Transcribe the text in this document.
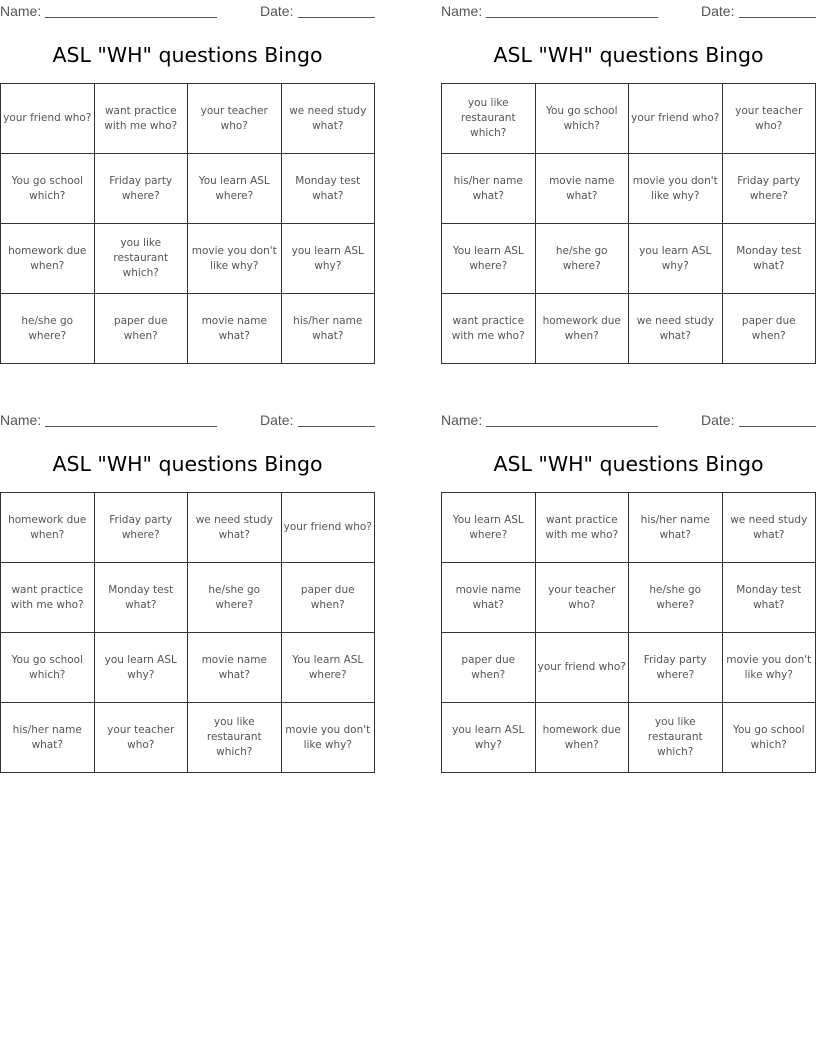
Name:	Date:
ASL "WH" questions Bingo
your friend who?	want practice with me who?	your teacher who?	we need study what?
You go school which?	Friday party where?	You learn ASL where?	Monday test what?
homework due when?	you like restaurant which?	movie you don't like why?	you learn ASL why?
he/she go where?	paper due when?	movie name what?	his/her name what?
Name:	Date:
ASL "WH" questions Bingo
you like restaurant which?	You go school which?	your friend who?	your teacher who?
his/her name what?	movie name what?	movie you don't like why?	Friday party where?
You learn ASL where?	he/she go where?	you learn ASL why?	Monday test what?
want practice with me who?	homework due when?	we need study what?	paper due when?
Name:	Date:
ASL "WH" questions Bingo
homework due when?	Friday party where?	we need study what?	your friend who?
want practice with me who?	Monday test what?	he/she go where?	paper due when?
You go school which?	you learn ASL why?	movie name what?	You learn ASL where?
his/her name what?	your teacher who?	you like restaurant which?	movie you don't like why?
Name:	Date:
ASL "WH" questions Bingo
You learn ASL where?	want practice with me who?	his/her name what?	we need study what?
movie name what?	your teacher who?	he/she go where?	Monday test what?
paper due when?	your friend who?	Friday party where?	movie you don't like why?
you learn ASL why?	homework due when?	you like restaurant which?	You go school which?
